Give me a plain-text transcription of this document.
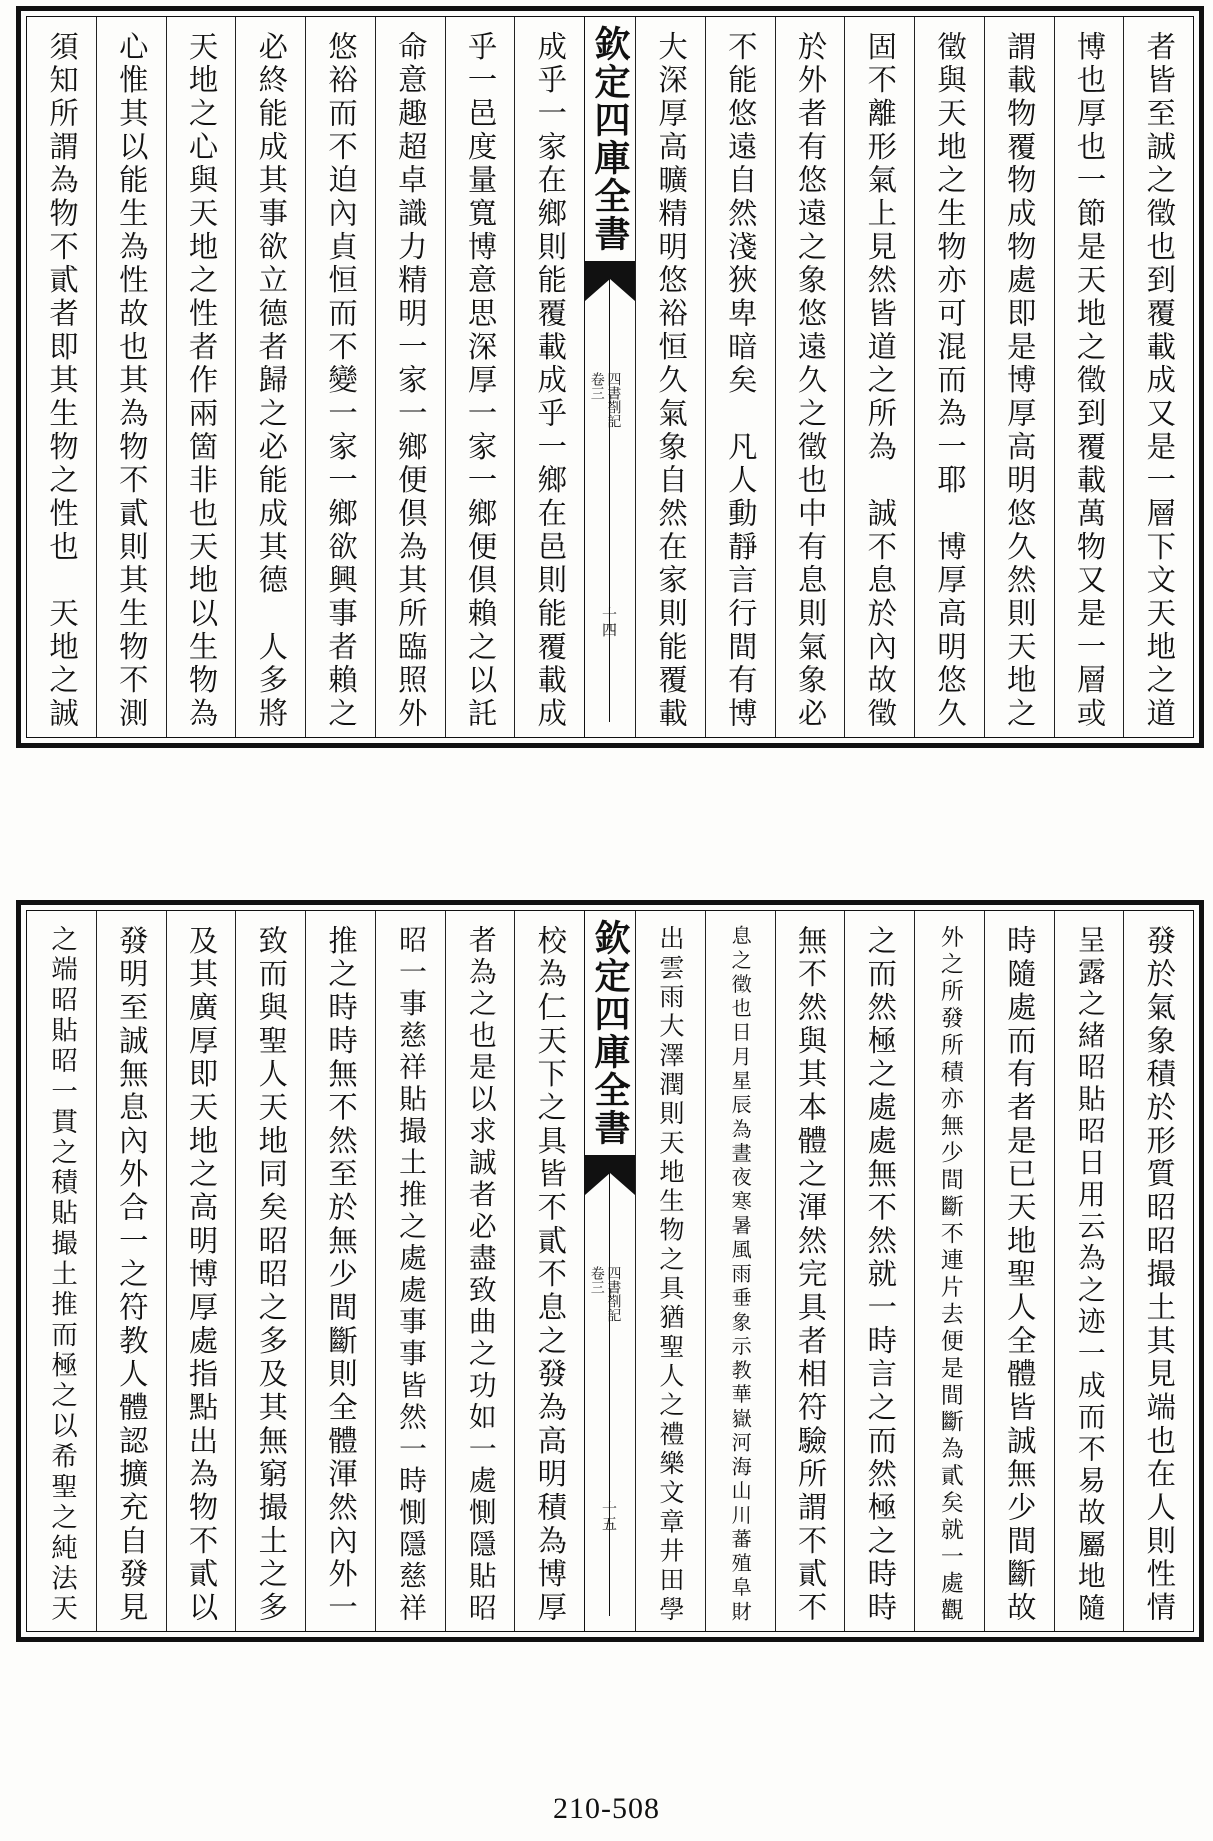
者皆至誠之徵也到覆載成又是一層下文天地之道
博也厚也一節是天地之徵到覆載萬物又是一層或
謂載物覆物成物處即是博厚高明悠久然則天地之
徵與天地之生物亦可混而為一耶　博厚高明悠久
固不離形氣上見然皆道之所為　誠不息於內故徵
於外者有悠遠之象悠遠久之徵也中有息則氣象必
不能悠遠自然淺狹卑暗矣　凡人動靜言行間有博
大深厚高曠精明悠裕恒久氣象自然在家則能覆載
欽定四庫全書
四書剳記
卷三
十四
成乎一家在鄉則能覆載成乎一鄉在邑則能覆載成
乎一邑度量寬博意思深厚一家一鄉便倶賴之以託
命意趣超卓識力精明一家一鄉便倶為其所臨照外
悠裕而不迫內貞恒而不變一家一鄉欲興事者賴之
必終能成其事欲立德者歸之必能成其德　人多將
天地之心與天地之性者作兩箇非也天地以生物為
心惟其以能生為性故也其為物不貳則其生物不測
須知所謂為物不貳者即其生物之性也　天地之誠
發於氣象積於形質昭昭撮土其見端也在人則性情
呈露之緒昭貼昭日用云為之迹一成而不易故屬地隨
時隨處而有者是已天地聖人全體皆誠無少間斷故
外之所發所積亦無少間斷不連片去便是間斷為貳矣就一處觀
之而然極之處處無不然就一時言之而然極之時時
無不然與其本體之渾然完具者相符驗所謂不貳不
息之徵也日月星辰為晝夜寒暑風雨垂象示教華嶽河海山川蕃殖阜財
出雲雨大澤潤則天地生物之具猶聖人之禮樂文章井田學
欽定四庫全書
四書剳記
卷三
十五
校為仁天下之具皆不貳不息之發為高明積為博厚
者為之也是以求誠者必盡致曲之功如一處惻隱貼昭
昭一事慈祥貼撮土推之處處事事皆然一時惻隱慈祥
推之時時無不然至於無少間斷則全體渾然內外一
致而與聖人天地同矣昭昭之多及其無窮撮土之多
及其廣厚即天地之高明博厚處指點出為物不貳以
發明至誠無息內外合一之符教人體認擴充自發見
之端昭貼昭一貫之積貼撮土推而極之以希聖之純法天
210-508
